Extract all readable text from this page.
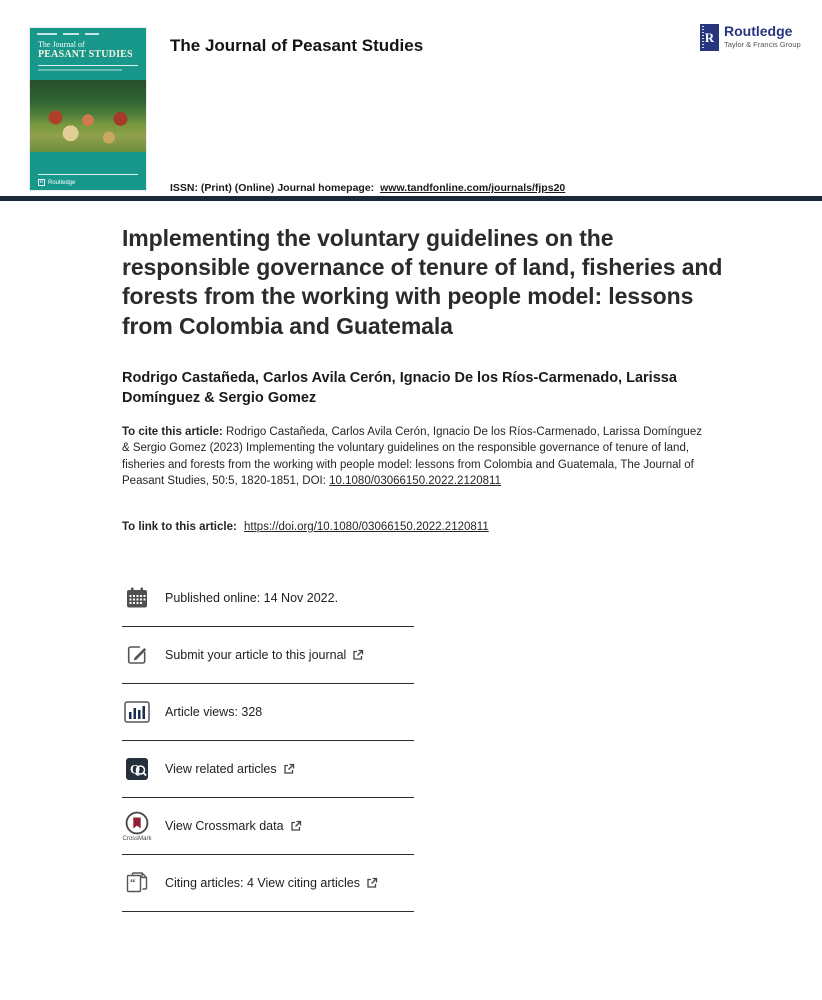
The Journal of
PEASANT STUDIES
R Routledge
The Journal of Peasant Studies	R Routledge
Taylor & Francis Group
ISSN: (Print) (Online) Journal homepage: www.tandfonline.com/journals/fjps20
Implementing the voluntary guidelines on the responsible governance of tenure of land, fisheries and forests from the working with people model: lessons from Colombia and Guatemala
Rodrigo Castañeda, Carlos Avila Cerón, Ignacio De los Ríos-Carmenado, Larissa Domínguez & Sergio Gomez
To cite this article: Rodrigo Castañeda, Carlos Avila Cerón, Ignacio De los Ríos-Carmenado, Larissa Domínguez & Sergio Gomez (2023) Implementing the voluntary guidelines on the responsible governance of tenure of land, fisheries and forests from the working with people model: lessons from Colombia and Guatemala, The Journal of Peasant Studies, 50:5, 1820-1851, DOI: 10.1080/03066150.2022.2120811
To link to this article: https://doi.org/10.1080/03066150.2022.2120811
Published online: 14 Nov 2022.
Submit your article to this journal
Article views: 328
Q View related articles
CrossMark
View Crossmark data
“ Citing articles: 4 View citing articles
